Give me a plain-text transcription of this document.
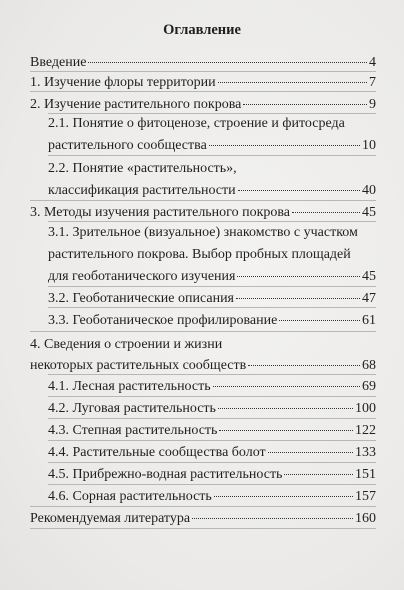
Оглавление
Введение	4
1. Изучение флоры территории	7
2. Изучение растительного покрова	9
2.1. Понятие о фитоценозе, строение и фитосреда
растительного сообщества	10
2.2. Понятие «растительность»,
классификация растительности	40
3. Методы изучения растительного покрова	45
3.1. Зрительное (визуальное) знакомство с участком
растительного покрова. Выбор пробных площадей
для геоботанического изучения	45
3.2. Геоботанические описания	47
3.3. Геоботаническое профилирование	61
4. Сведения о строении и жизни
некоторых растительных сообществ	68
4.1. Лесная растительность	69
4.2. Луговая растительность	100
4.3. Степная растительность	122
4.4. Растительные сообщества болот	133
4.5. Прибрежно-водная растительность	151
4.6. Сорная растительность	157
Рекомендуемая литература	160
